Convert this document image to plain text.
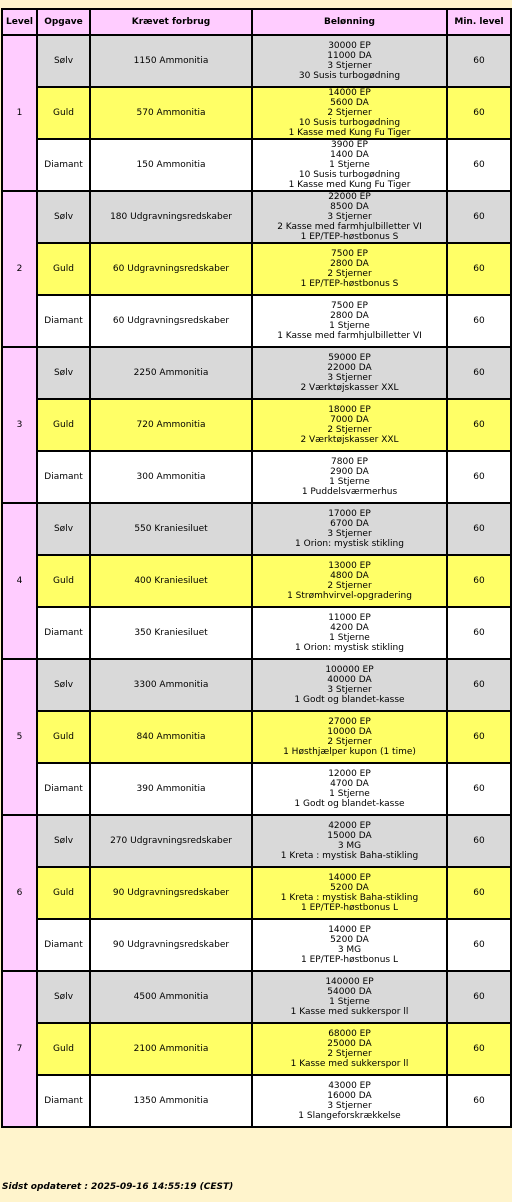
Level	Opgave	Krævet forbrug	Belønning	Min. level
1	Sølv	1150 Ammonitia	30000 EP
11000 DA
3 Stjerner
30 Susis turbogødning	60
	Guld	570 Ammonitia	14000 EP
5600 DA
2 Stjerner
10 Susis turbogødning
1 Kasse med Kung Fu Tiger	60
	Diamant	150 Ammonitia	3900 EP
1400 DA
1 Stjerne
10 Susis turbogødning
1 Kasse med Kung Fu Tiger	60
2	Sølv	180 Udgravningsredskaber	22000 EP
8500 DA
3 Stjerner
2 Kasse med farmhjulbilletter VI
1 EP/TEP-høstbonus S	60
	Guld	60 Udgravningsredskaber	7500 EP
2800 DA
2 Stjerner
1 EP/TEP-høstbonus S	60
	Diamant	60 Udgravningsredskaber	7500 EP
2800 DA
1 Stjerne
1 Kasse med farmhjulbilletter VI	60
3	Sølv	2250 Ammonitia	59000 EP
22000 DA
3 Stjerner
2 Værktøjskasser XXL	60
	Guld	720 Ammonitia	18000 EP
7000 DA
2 Stjerner
2 Værktøjskasser XXL	60
	Diamant	300 Ammonitia	7800 EP
2900 DA
1 Stjerne
1 Puddelsværmerhus	60
4	Sølv	550 Kraniesiluet	17000 EP
6700 DA
3 Stjerner
1 Orion: mystisk stikling	60
	Guld	400 Kraniesiluet	13000 EP
4800 DA
2 Stjerner
1 Strømhvirvel-opgradering	60
	Diamant	350 Kraniesiluet	11000 EP
4200 DA
1 Stjerne
1 Orion: mystisk stikling	60
5	Sølv	3300 Ammonitia	100000 EP
40000 DA
3 Stjerner
1 Godt og blandet-kasse	60
	Guld	840 Ammonitia	27000 EP
10000 DA
2 Stjerner
1 Høsthjælper kupon (1 time)	60
	Diamant	390 Ammonitia	12000 EP
4700 DA
1 Stjerne
1 Godt og blandet-kasse	60
6	Sølv	270 Udgravningsredskaber	42000 EP
15000 DA
3 MG
1 Kreta : mystisk Baha-stikling	60
	Guld	90 Udgravningsredskaber	14000 EP
5200 DA
1 Kreta : mystisk Baha-stikling
1 EP/TEP-høstbonus L	60
	Diamant	90 Udgravningsredskaber	14000 EP
5200 DA
3 MG
1 EP/TEP-høstbonus L	60
7	Sølv	4500 Ammonitia	140000 EP
54000 DA
1 Stjerne
1 Kasse med sukkerspor ll	60
	Guld	2100 Ammonitia	68000 EP
25000 DA
2 Stjerner
1 Kasse med sukkerspor ll	60
	Diamant	1350 Ammonitia	43000 EP
16000 DA
3 Stjerner
1 Slangeforskrækkelse	60
Sidst opdateret : 2025-09-16 14:55:19 (CEST)
